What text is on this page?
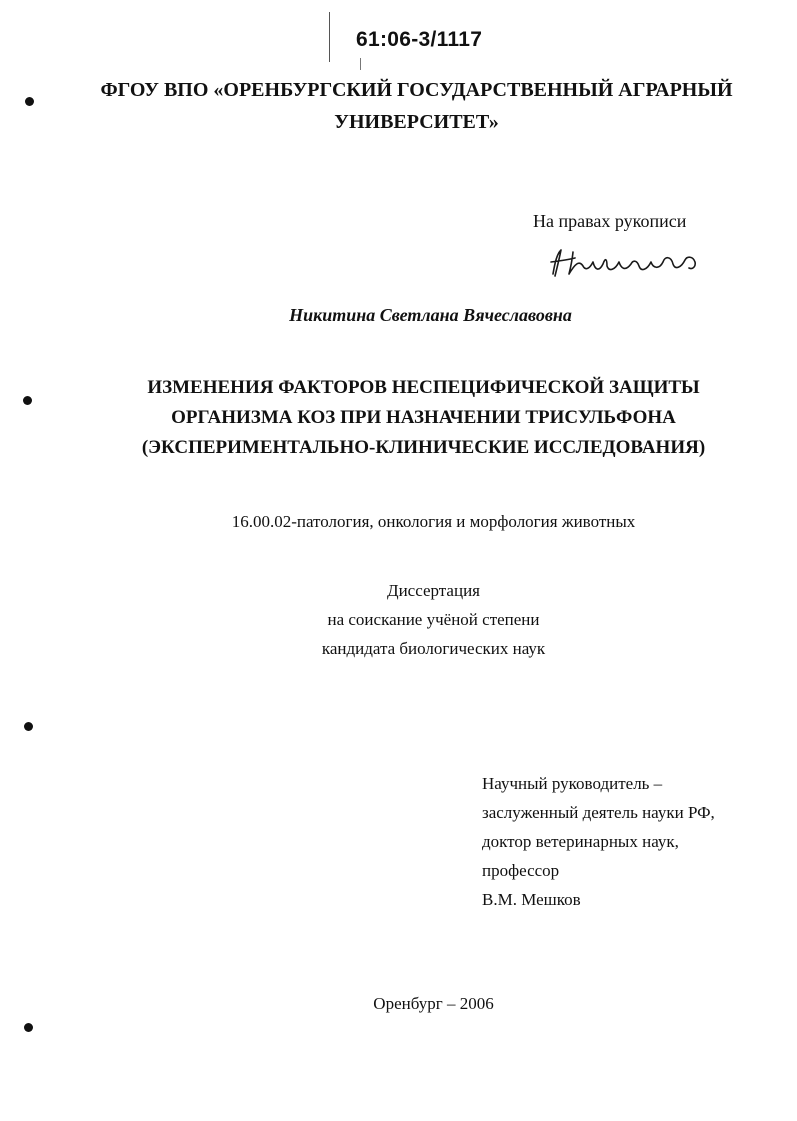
61:06-3/1117
ФГОУ ВПО «ОРЕНБУРГСКИЙ ГОСУДАРСТВЕННЫЙ АГРАРНЫЙ
УНИВЕРСИТЕТ»
На правах рукописи
Никитина Светлана Вячеславовна
ИЗМЕНЕНИЯ ФАКТОРОВ НЕСПЕЦИФИЧЕСКОЙ ЗАЩИТЫ
ОРГАНИЗМА КОЗ ПРИ НАЗНАЧЕНИИ ТРИСУЛЬФОНА
(ЭКСПЕРИМЕНТАЛЬНО-КЛИНИЧЕСКИЕ ИССЛЕДОВАНИЯ)
16.00.02-патология, онкология и морфология животных
Диссертация
на соискание учёной степени
кандидата биологических наук
Научный руководитель –
заслуженный деятель науки РФ,
доктор ветеринарных наук,
профессор
В.М. Мешков
Оренбург – 2006
